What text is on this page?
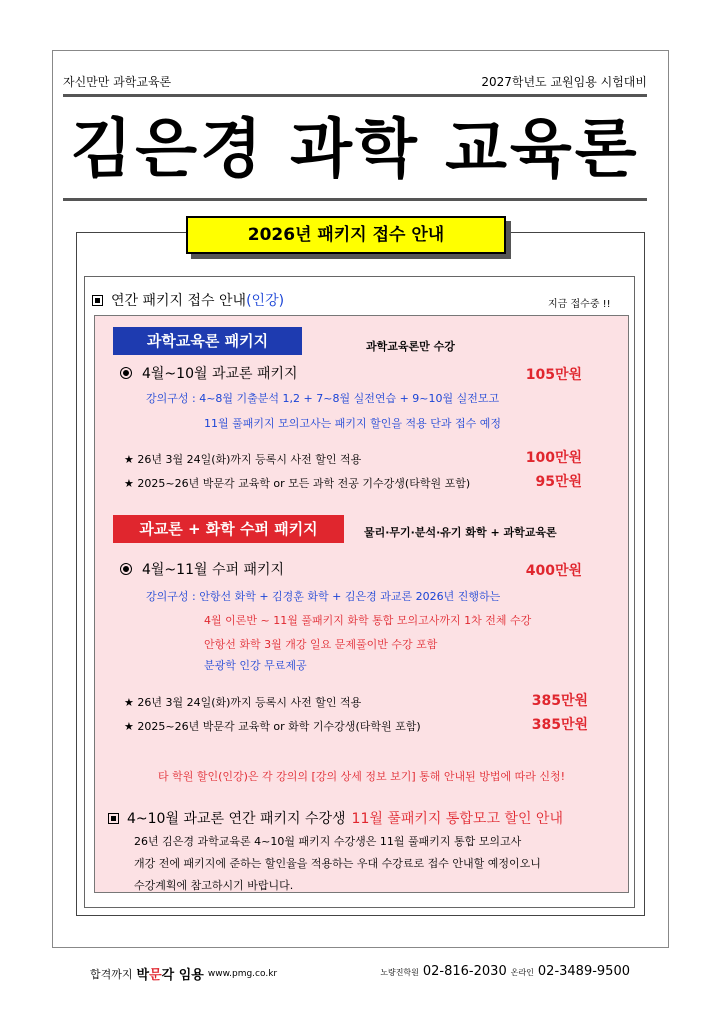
자신만만 과학교육론	2027학년도 교원임용 시험대비
김은경 과학 교육론
2026년 패키지 접수 안내
연간 패키지 접수 안내 (인강)	지금 접수중 !!
과학교육론 패키지	과학교육론만 수강
4월~10월 과교론 패키지	105만원
강의구성 : 4~8월 기출분석 1,2 + 7~8월 실전연습 + 9~10월 실전모고
11월 풀패키지 모의고사는 패키지 할인을 적용 단과 접수 예정
★ 26년 3월 24일(화)까지 등록시 사전 할인 적용	100만원
★ 2025~26년 박문각 교육학 or 모든 과학 전공 기수강생(타학원 포함)	95만원
과교론 + 화학 수퍼 패키지	물리·무기·분석·유기 화학 + 과학교육론
4월~11월 수퍼 패키지	400만원
강의구성 : 안항선 화학 + 김경훈 화학 + 김은경 과교론 2026년 진행하는
4월 이론반 ~ 11월 풀패키지 화학 통합 모의고사까지 1차 전체 수강
안항선 화학 3월 개강 일요 문제풀이반 수강 포함
분광학 인강 무료제공
★ 26년 3월 24일(화)까지 등록시 사전 할인 적용	385만원
★ 2025~26년 박문각 교육학 or 화학 기수강생(타학원 포함)	385만원
타 학원 할인(인강)은 각 강의의 [강의 상세 정보 보기] 통해 안내된 방법에 따라 신청!
4~10월 과교론 연간 패키지 수강생 11월 풀패키지 통합모고 할인 안내
26년 김은경 과학교육론 4~10월 패키지 수강생은 11월 풀패키지 통합 모의고사
개강 전에 패키지에 준하는 할인율을 적용하는 우대 수강료로 접수 안내할 예정이오니
수강계획에 참고하시기 바랍니다.
합격까지 박문각 임용 www.pmg.co.kr	노량진학원 02-816-2030 온라인 02-3489-9500
